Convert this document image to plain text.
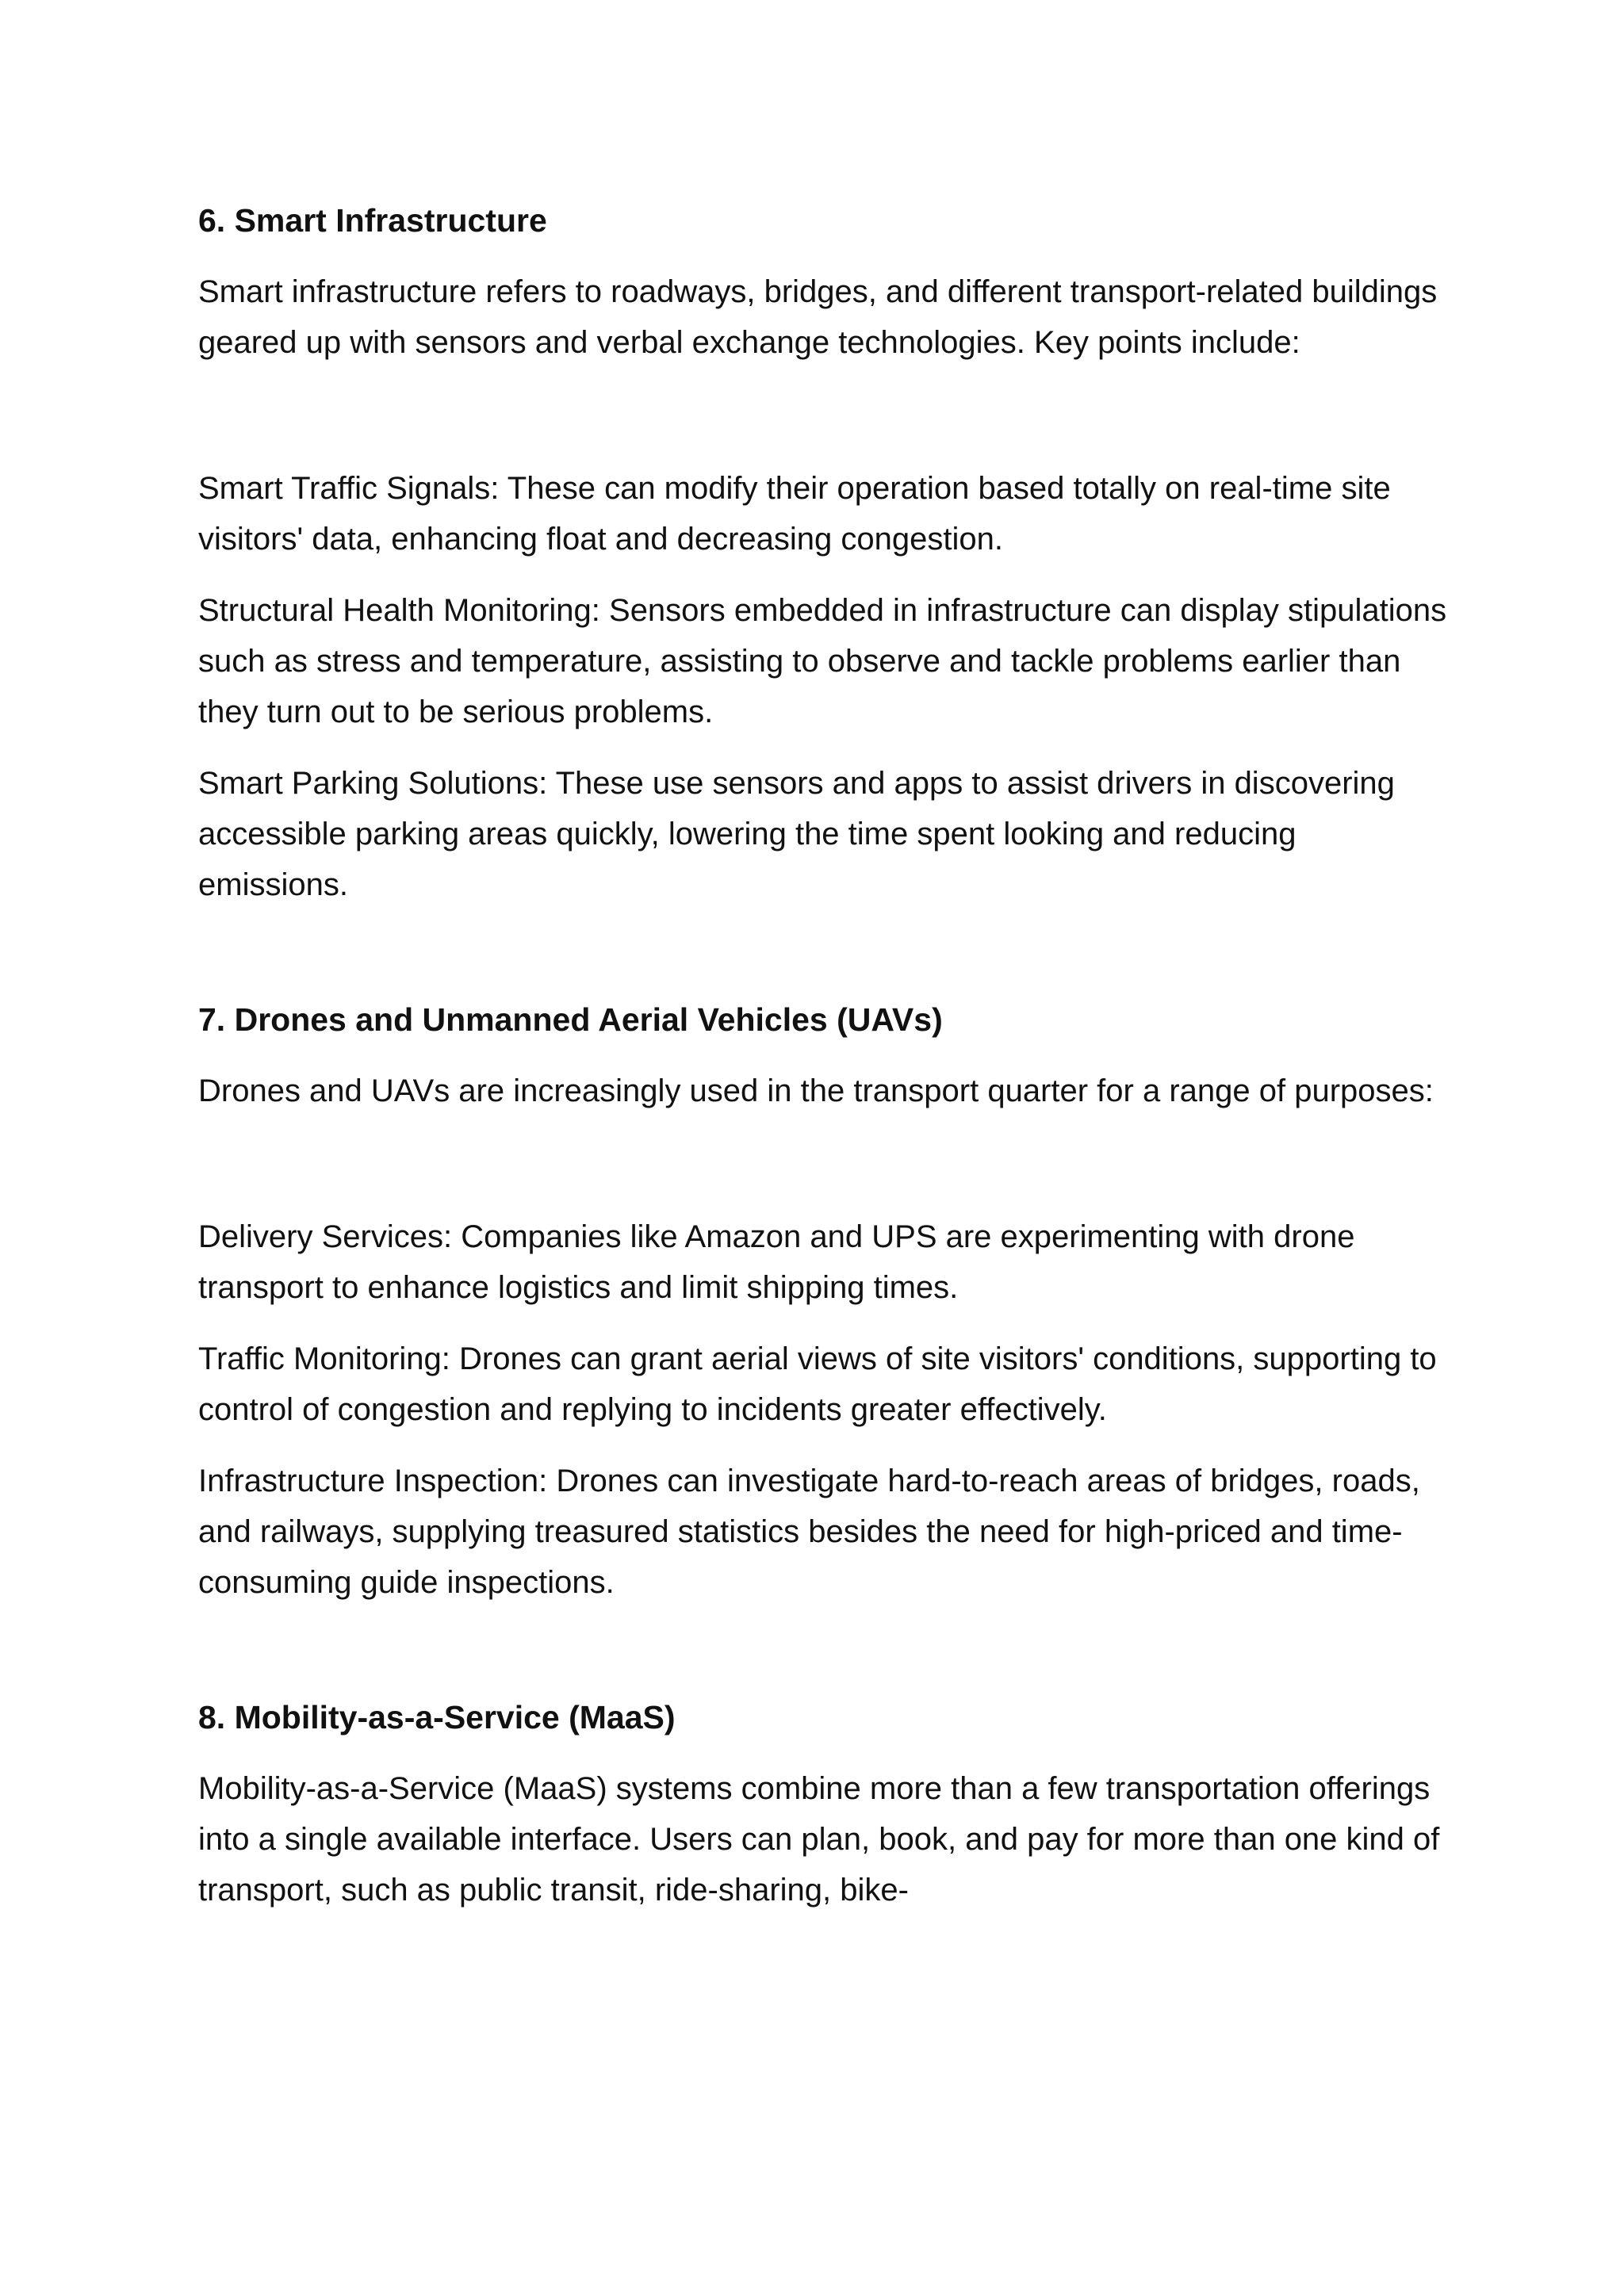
6. Smart Infrastructure

Smart infrastructure refers to roadways, bridges, and different transport-related buildings geared up with sensors and verbal exchange technologies. Key points include:

Smart Traffic Signals: These can modify their operation based totally on real-time site visitors' data, enhancing float and decreasing congestion.

Structural Health Monitoring: Sensors embedded in infrastructure can display stipulations such as stress and temperature, assisting to observe and tackle problems earlier than they turn out to be serious problems.

Smart Parking Solutions: These use sensors and apps to assist drivers in discovering accessible parking areas quickly, lowering the time spent looking and reducing emissions.

7. Drones and Unmanned Aerial Vehicles (UAVs)

Drones and UAVs are increasingly used in the transport quarter for a range of purposes:

Delivery Services: Companies like Amazon and UPS are experimenting with drone transport to enhance logistics and limit shipping times.

Traffic Monitoring: Drones can grant aerial views of site visitors' conditions, supporting to control of congestion and replying to incidents greater effectively.

Infrastructure Inspection: Drones can investigate hard-to-reach areas of bridges, roads, and railways, supplying treasured statistics besides the need for high-priced and time-consuming guide inspections.

8. Mobility-as-a-Service (MaaS)

Mobility-as-a-Service (MaaS) systems combine more than a few transportation offerings into a single available interface. Users can plan, book, and pay for more than one kind of transport, such as public transit, ride-sharing, bike-
